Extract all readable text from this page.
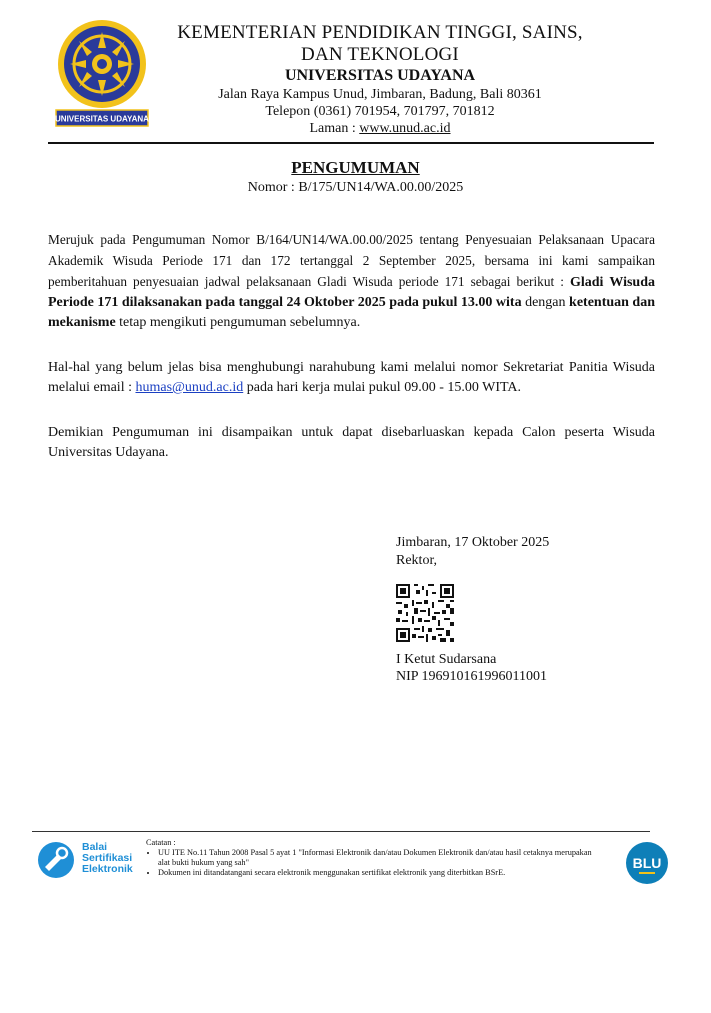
UNIVERSITAS UDAYANA
KEMENTERIAN PENDIDIKAN TINGGI, SAINS,
DAN TEKNOLOGI
UNIVERSITAS UDAYANA
Jalan Raya Kampus Unud, Jimbaran, Badung, Bali 80361
Telepon (0361) 701954, 701797, 701812
Laman : www.unud.ac.id
PENGUMUMAN
Nomor : B/175/UN14/WA.00.00/2025
Merujuk pada Pengumuman Nomor B/164/UN14/WA.00.00/2025 tentang Penyesuaian Pelaksanaan Upacara Akademik Wisuda Periode 171 dan 172 tertanggal 2 September 2025, bersama ini kami sampaikan pemberitahuan penyesuaian jadwal pelaksanaan Gladi Wisuda periode 171 sebagai berikut : Gladi Wisuda Periode 171 dilaksanakan pada tanggal 24 Oktober 2025 pada pukul 13.00 wita dengan ketentuan dan mekanisme tetap mengikuti pengumuman sebelumnya.
Hal-hal yang belum jelas bisa menghubungi narahubung kami melalui nomor Sekretariat Panitia Wisuda melalui email : humas@unud.ac.id pada hari kerja mulai pukul 09.00 - 15.00 WITA.
Demikian Pengumuman ini disampaikan untuk dapat disebarluaskan kepada Calon peserta Wisuda Universitas Udayana.
Jimbaran, 17 Oktober 2025
Rektor,
I Ketut Sudarsana
NIP 196910161996011001
Balai
Sertifikasi
Elektronik
Catatan :
• UU ITE No.11 Tahun 2008 Pasal 5 ayat 1 "Informasi Elektronik dan/atau Dokumen Elektronik dan/atau hasil cetaknya merupakan alat bukti hukum yang sah"
• Dokumen ini ditandatangani secara elektronik menggunakan sertifikat elektronik yang diterbitkan BSrE.
BLU
